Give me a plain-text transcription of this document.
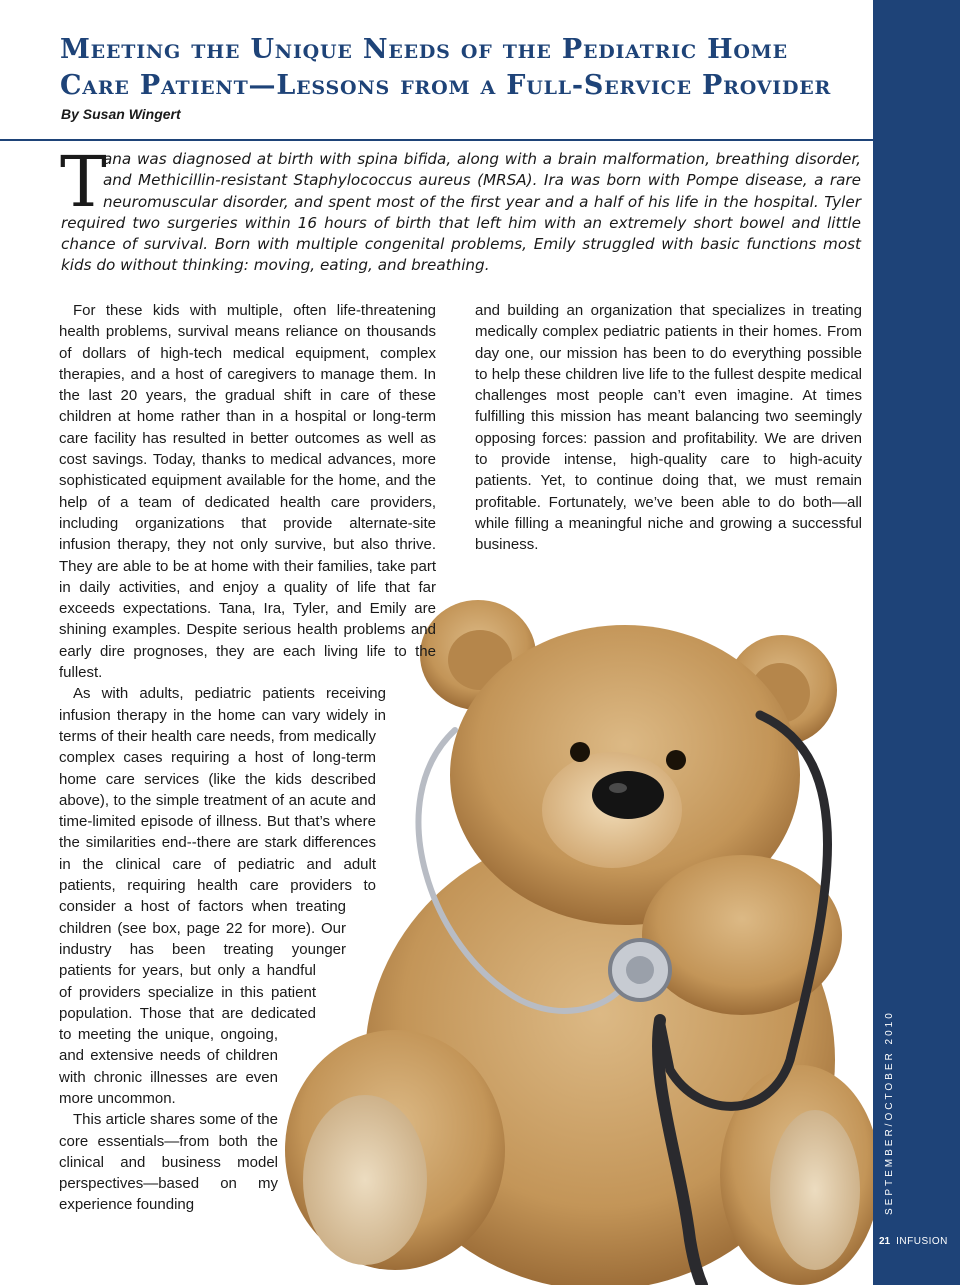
SEPTEMBER/OCTOBER 2010
21 INFUSION
Meeting the Unique Needs of the Pediatric Home Care Patient—Lessons from a Full-Service Provider
By Susan Wingert
T
ana was diagnosed at birth with spina bifida, along with a brain malformation, breathing disorder, and Methicillin-resistant Staphylococcus aureus (MRSA). Ira was born with Pompe disease, a rare neuromuscular disorder, and spent most of the first year and a half of his life in the hospital. Tyler required two surgeries within 16 hours of birth that left him with an extremely short bowel and little chance of survival. Born with multiple congenital problems, Emily struggled with basic functions most kids do without thinking: moving, eating, and breathing.

For these kids with multiple, often life-threatening health problems, survival means reliance on thousands of dollars of high-tech medical equipment, complex therapies, and a host of caregivers to manage them. In the last 20 years, the gradual shift in care of these children at home rather than in a hospital or long-term care facility has resulted in better outcomes as well as cost savings. Today, thanks to medical advances, more sophisticated equipment available for the home, and the help of a team of dedicated health care providers, including organizations that provide alternate-site infusion therapy, they not only survive, but also thrive. They are able to be at home with their families, take part in daily activities, and enjoy a quality of life that far exceeds expectations. Tana, Ira, Tyler, and Emily are shining examples. Despite serious health problems and early dire prognoses, they are each living life to the fullest.

As with adults, pediatric patients receiving infusion therapy in the home can vary widely in terms of their health care needs, from medically complex cases requiring a host of long-term home care services (like the kids described above), to the simple treatment of an acute and time-limited episode of illness. But that’s where the similarities end--there are stark differences in the clinical care of pediatric and adult patients, requiring health care providers to consider a host of factors when treating children (see box, page 22 for more). Our industry has been treating younger patients for years, but only a handful of providers specialize in this patient population. Those that are dedicated to meeting the unique, ongoing, and extensive needs of children with chronic illnesses are even more uncommon.

This article shares some of the core essentials—from both the clinical and business model perspectives—based on my experience founding

and building an organization that specializes in treating medically complex pediatric patients in their homes. From day one, our mission has been to do everything possible to help these children live life to the fullest despite medical challenges most people can’t even imagine. At times fulfilling this mission has meant balancing two seemingly opposing forces: passion and profitability. We are driven to provide intense, high-quality care to high-acuity patients. Yet, to continue doing that, we must remain profitable. Fortunately, we’ve been able to do both—all while filling a meaningful niche and growing a successful business.
